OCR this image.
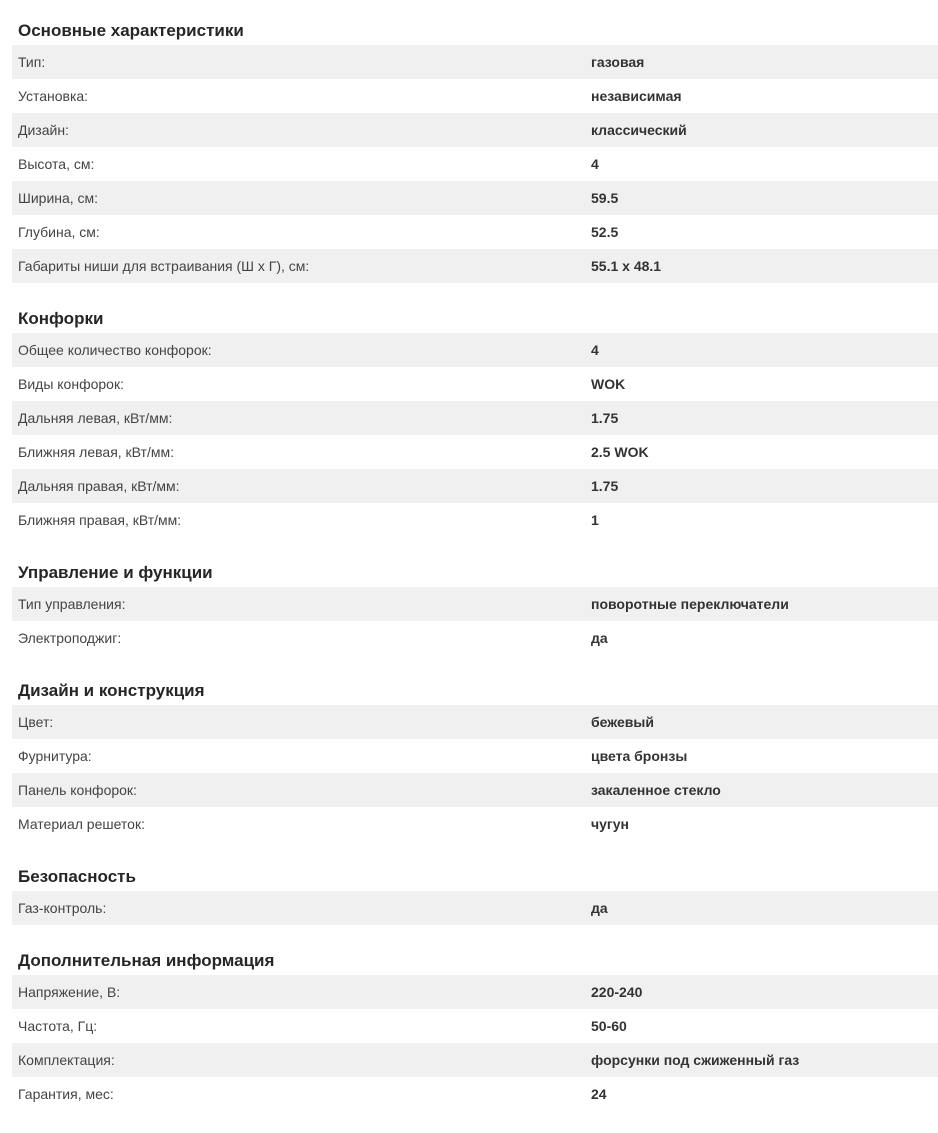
Основные характеристики
Тип:	газовая
Установка:	независимая
Дизайн:	классический
Высота, см:	4
Ширина, см:	59.5
Глубина, см:	52.5
Габариты ниши для встраивания (Ш x Г), см:	55.1 x 48.1
Конфорки
Общее количество конфорок:	4
Виды конфорок:	WOK
Дальняя левая, кВт/мм:	1.75
Ближняя левая, кВт/мм:	2.5 WOK
Дальняя правая, кВт/мм:	1.75
Ближняя правая, кВт/мм:	1
Управление и функции
Тип управления:	поворотные переключатели
Электроподжиг:	да
Дизайн и конструкция
Цвет:	бежевый
Фурнитура:	цвета бронзы
Панель конфорок:	закаленное стекло
Материал решеток:	чугун
Безопасность
Газ-контроль:	да
Дополнительная информация
Напряжение, В:	220-240
Частота, Гц:	50-60
Комплектация:	форсунки под сжиженный газ
Гарантия, мес:	24
